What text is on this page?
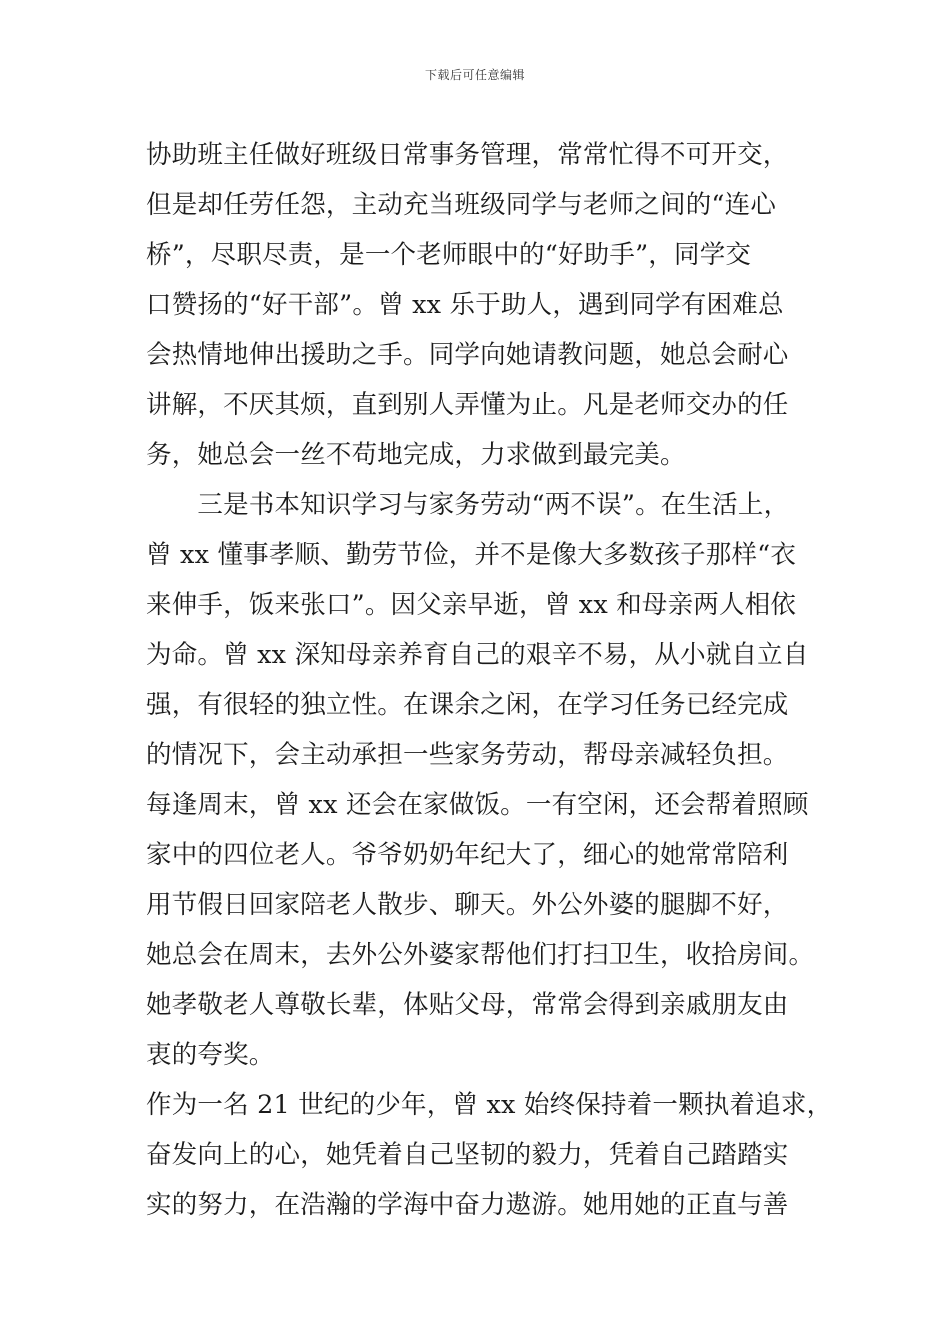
下载后可任意编辑
协助班主任做好班级日常事务管理，常常忙得不可开交，
但是却任劳任怨，主动充当班级同学与老师之间的“连心
桥”，尽职尽责，是一个老师眼中的“好助手”，同学交
口赞扬的“好干部”。曾 xx 乐于助人，遇到同学有困难总
会热情地伸出援助之手。同学向她请教问题，她总会耐心
讲解，不厌其烦，直到别人弄懂为止。凡是老师交办的任
务，她总会一丝不苟地完成，力求做到最完美。
　　三是书本知识学习与家务劳动“两不误”。在生活上，
曾 xx 懂事孝顺、勤劳节俭，并不是像大多数孩子那样“衣
来伸手，饭来张口”。因父亲早逝，曾 xx 和母亲两人相依
为命。曾 xx 深知母亲养育自己的艰辛不易，从小就自立自
强，有很轻的独立性。在课余之闲，在学习任务已经完成
的情况下，会主动承担一些家务劳动，帮母亲减轻负担。
每逢周末，曾 xx 还会在家做饭。一有空闲，还会帮着照顾
家中的四位老人。爷爷奶奶年纪大了，细心的她常常陪利
用节假日回家陪老人散步、聊天。外公外婆的腿脚不好，
她总会在周末，去外公外婆家帮他们打扫卫生，收拾房间。
她孝敬老人尊敬长辈，体贴父母，常常会得到亲戚朋友由
衷的夸奖。
作为一名 21 世纪的少年，曾 xx 始终保持着一颗执着追求，
奋发向上的心，她凭着自己坚韧的毅力，凭着自己踏踏实
实的努力，在浩瀚的学海中奋力遨游。她用她的正直与善
